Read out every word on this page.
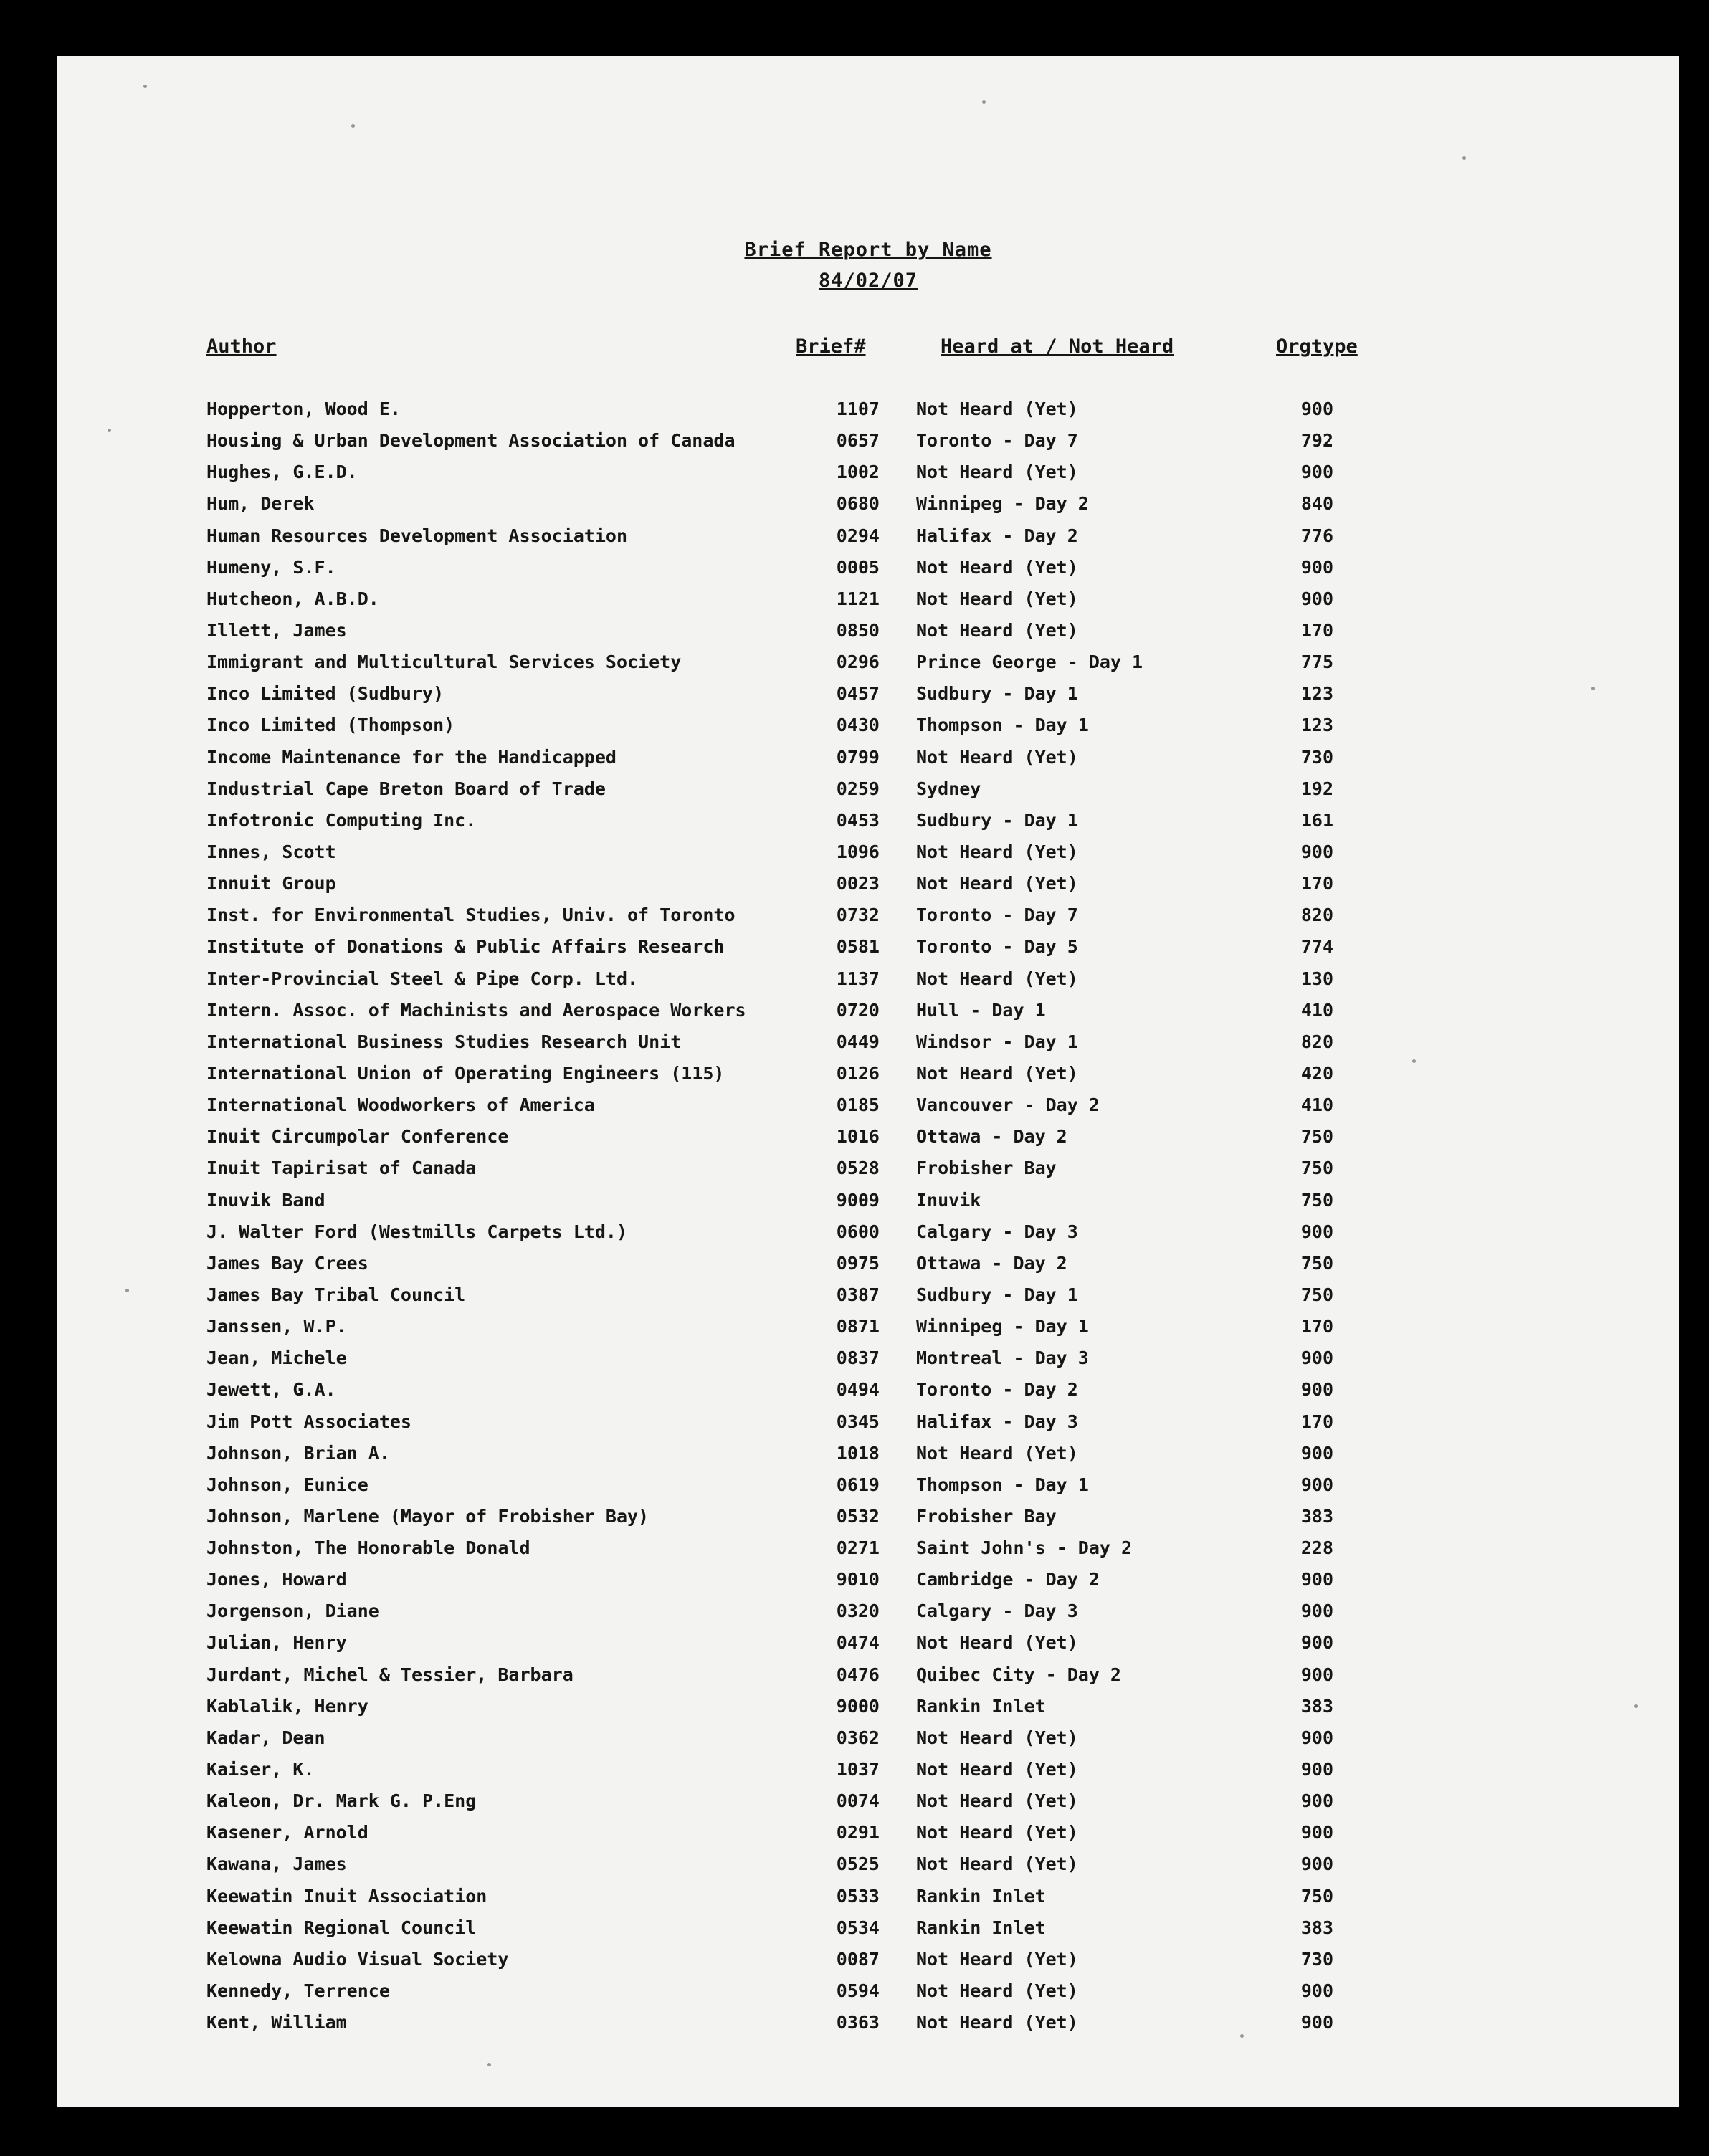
Brief Report by Name
84/02/07
Author	Brief#	Heard at / Not Heard	Orgtype
Hopperton, Wood E.	1107 Not Heard (Yet)	900
Housing & Urban Development Association of Canada	0657 Toronto - Day 7	792
Hughes, G.E.D.	1002 Not Heard (Yet)	900
Hum, Derek	0680 Winnipeg - Day 2	840
Human Resources Development Association	0294 Halifax - Day 2	776
Humeny, S.F.	0005 Not Heard (Yet)	900
Hutcheon, A.B.D.	1121 Not Heard (Yet)	900
Illett, James	0850 Not Heard (Yet)	170
Immigrant and Multicultural Services Society	0296 Prince George - Day 1	775
Inco Limited (Sudbury)	0457 Sudbury - Day 1	123
Inco Limited (Thompson)	0430 Thompson - Day 1	123
Income Maintenance for the Handicapped	0799 Not Heard (Yet)	730
Industrial Cape Breton Board of Trade	0259 Sydney	192
Infotronic Computing Inc.	0453 Sudbury - Day 1	161
Innes, Scott	1096 Not Heard (Yet)	900
Innuit Group	0023 Not Heard (Yet)	170
Inst. for Environmental Studies, Univ. of Toronto	0732 Toronto - Day 7	820
Institute of Donations & Public Affairs Research	0581 Toronto - Day 5	774
Inter-Provincial Steel & Pipe Corp. Ltd.	1137 Not Heard (Yet)	130
Intern. Assoc. of Machinists and Aerospace Workers	0720 Hull - Day 1	410
International Business Studies Research Unit	0449 Windsor - Day 1	820
International Union of Operating Engineers (115)	0126 Not Heard (Yet)	420
International Woodworkers of America	0185 Vancouver - Day 2	410
Inuit Circumpolar Conference	1016 Ottawa - Day 2	750
Inuit Tapirisat of Canada	0528 Frobisher Bay	750
Inuvik Band	9009 Inuvik	750
J. Walter Ford (Westmills Carpets Ltd.)	0600 Calgary - Day 3	900
James Bay Crees	0975 Ottawa - Day 2	750
James Bay Tribal Council	0387 Sudbury - Day 1	750
Janssen, W.P.	0871 Winnipeg - Day 1	170
Jean, Michele	0837 Montreal - Day 3	900
Jewett, G.A.	0494 Toronto - Day 2	900
Jim Pott Associates	0345 Halifax - Day 3	170
Johnson, Brian A.	1018 Not Heard (Yet)	900
Johnson, Eunice	0619 Thompson - Day 1	900
Johnson, Marlene (Mayor of Frobisher Bay)	0532 Frobisher Bay	383
Johnston, The Honorable Donald	0271 Saint John's - Day 2	228
Jones, Howard	9010 Cambridge - Day 2	900
Jorgenson, Diane	0320 Calgary - Day 3	900
Julian, Henry	0474 Not Heard (Yet)	900
Jurdant, Michel & Tessier, Barbara	0476 Quibec City - Day 2	900
Kablalik, Henry	9000 Rankin Inlet	383
Kadar, Dean	0362 Not Heard (Yet)	900
Kaiser, K.	1037 Not Heard (Yet)	900
Kaleon, Dr. Mark G. P.Eng	0074 Not Heard (Yet)	900
Kasener, Arnold	0291 Not Heard (Yet)	900
Kawana, James	0525 Not Heard (Yet)	900
Keewatin Inuit Association	0533 Rankin Inlet	750
Keewatin Regional Council	0534 Rankin Inlet	383
Kelowna Audio Visual Society	0087 Not Heard (Yet)	730
Kennedy, Terrence	0594 Not Heard (Yet)	900
Kent, William	0363 Not Heard (Yet)	900
